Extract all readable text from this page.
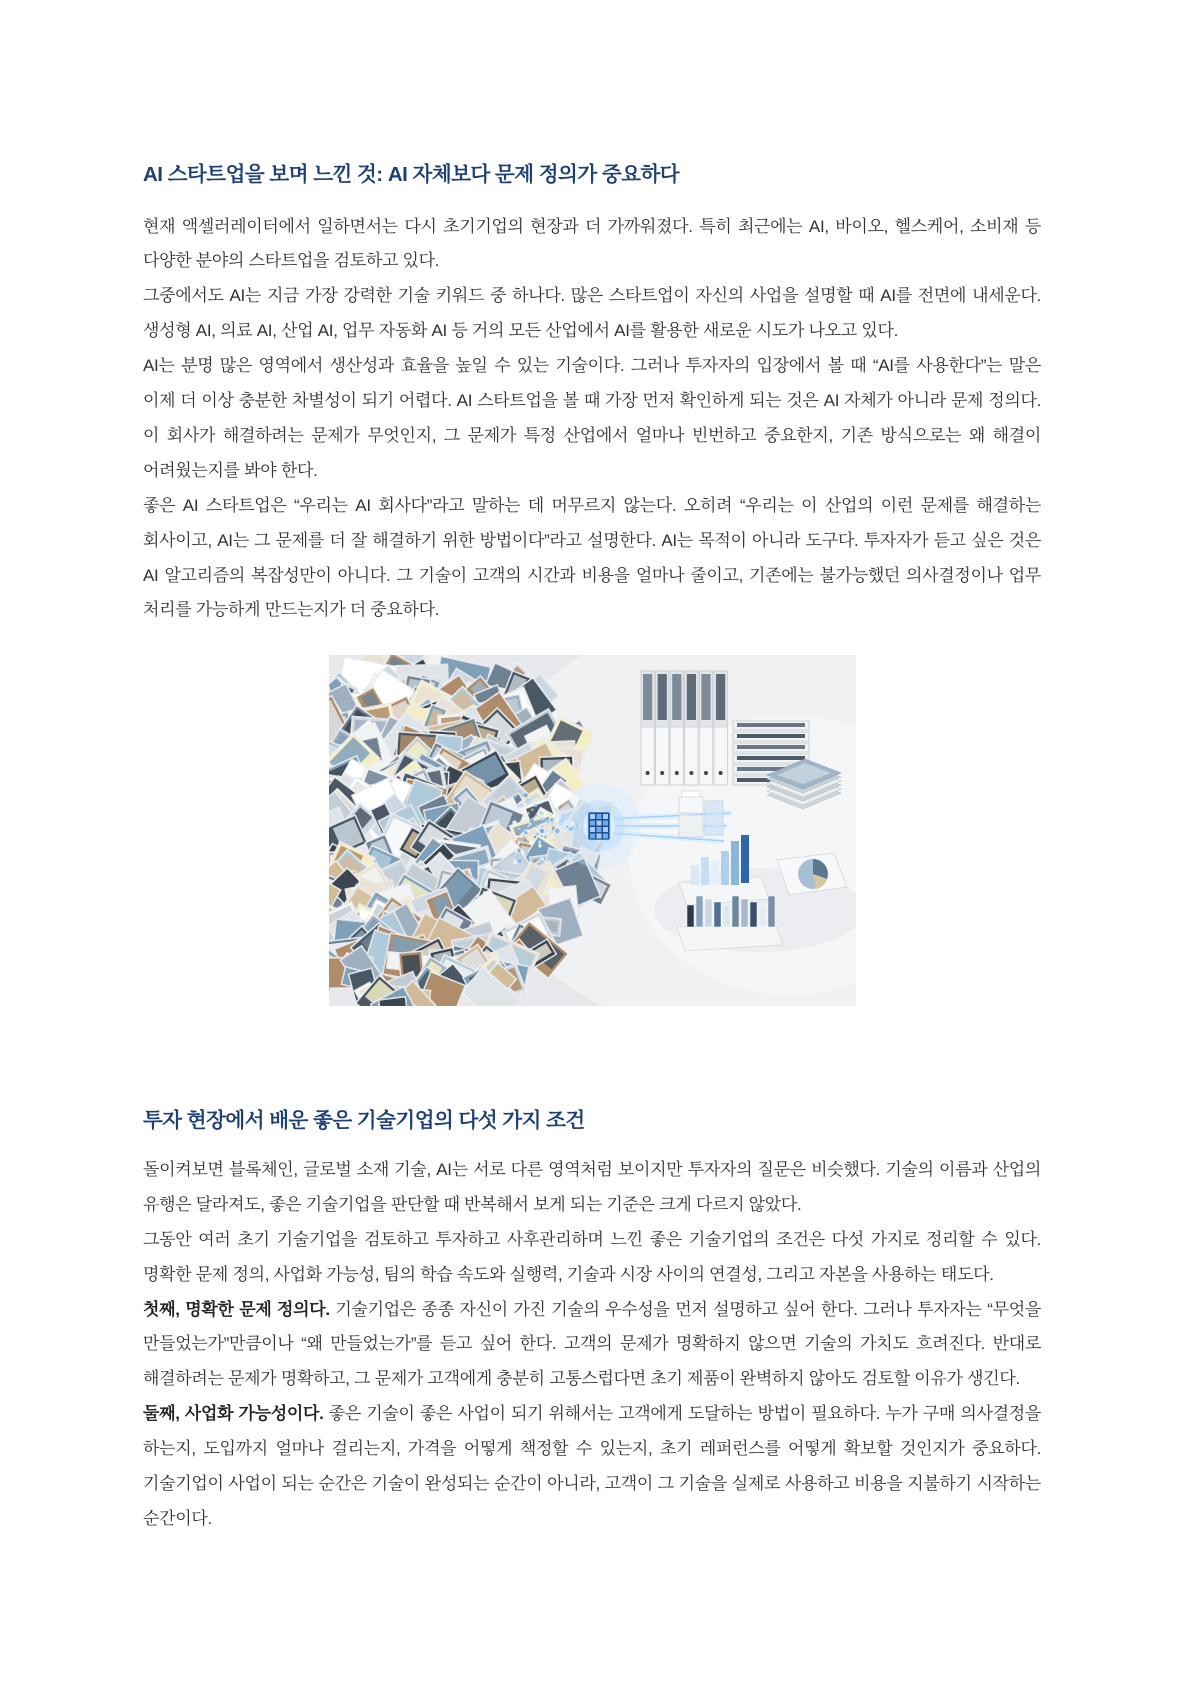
AI 스타트업을 보며 느낀 것: AI 자체보다 문제 정의가 중요하다

현재 액셀러레이터에서 일하면서는 다시 초기기업의 현장과 더 가까워졌다. 특히 최근에는 AI, 바이오, 헬스케어, 소비재 등 다양한 분야의 스타트업을 검토하고 있다.

그중에서도 AI는 지금 가장 강력한 기술 키워드 중 하나다. 많은 스타트업이 자신의 사업을 설명할 때 AI를 전면에 내세운다. 생성형 AI, 의료 AI, 산업 AI, 업무 자동화 AI 등 거의 모든 산업에서 AI를 활용한 새로운 시도가 나오고 있다.

AI는 분명 많은 영역에서 생산성과 효율을 높일 수 있는 기술이다. 그러나 투자자의 입장에서 볼 때 “AI를 사용한다”는 말은 이제 더 이상 충분한 차별성이 되기 어렵다. AI 스타트업을 볼 때 가장 먼저 확인하게 되는 것은 AI 자체가 아니라 문제 정의다. 이 회사가 해결하려는 문제가 무엇인지, 그 문제가 특정 산업에서 얼마나 빈번하고 중요한지, 기존 방식으로는 왜 해결이 어려웠는지를 봐야 한다.

좋은 AI 스타트업은 “우리는 AI 회사다”라고 말하는 데 머무르지 않는다. 오히려 “우리는 이 산업의 이런 문제를 해결하는 회사이고, AI는 그 문제를 더 잘 해결하기 위한 방법이다”라고 설명한다. AI는 목적이 아니라 도구다. 투자자가 듣고 싶은 것은 AI 알고리즘의 복잡성만이 아니다. 그 기술이 고객의 시간과 비용을 얼마나 줄이고, 기존에는 불가능했던 의사결정이나 업무 처리를 가능하게 만드는지가 더 중요하다.

투자 현장에서 배운 좋은 기술기업의 다섯 가지 조건

돌이켜보면 블록체인, 글로벌 소재 기술, AI는 서로 다른 영역처럼 보이지만 투자자의 질문은 비슷했다. 기술의 이름과 산업의 유행은 달라져도, 좋은 기술기업을 판단할 때 반복해서 보게 되는 기준은 크게 다르지 않았다.

그동안 여러 초기 기술기업을 검토하고 투자하고 사후관리하며 느낀 좋은 기술기업의 조건은 다섯 가지로 정리할 수 있다. 명확한 문제 정의, 사업화 가능성, 팀의 학습 속도와 실행력, 기술과 시장 사이의 연결성, 그리고 자본을 사용하는 태도다.

첫째, 명확한 문제 정의다. 기술기업은 종종 자신이 가진 기술의 우수성을 먼저 설명하고 싶어 한다. 그러나 투자자는 “무엇을 만들었는가”만큼이나 “왜 만들었는가”를 듣고 싶어 한다. 고객의 문제가 명확하지 않으면 기술의 가치도 흐려진다. 반대로 해결하려는 문제가 명확하고, 그 문제가 고객에게 충분히 고통스럽다면 초기 제품이 완벽하지 않아도 검토할 이유가 생긴다.

둘째, 사업화 가능성이다. 좋은 기술이 좋은 사업이 되기 위해서는 고객에게 도달하는 방법이 필요하다. 누가 구매 의사결정을 하는지, 도입까지 얼마나 걸리는지, 가격을 어떻게 책정할 수 있는지, 초기 레퍼런스를 어떻게 확보할 것인지가 중요하다. 기술기업이 사업이 되는 순간은 기술이 완성되는 순간이 아니라, 고객이 그 기술을 실제로 사용하고 비용을 지불하기 시작하는 순간이다.
